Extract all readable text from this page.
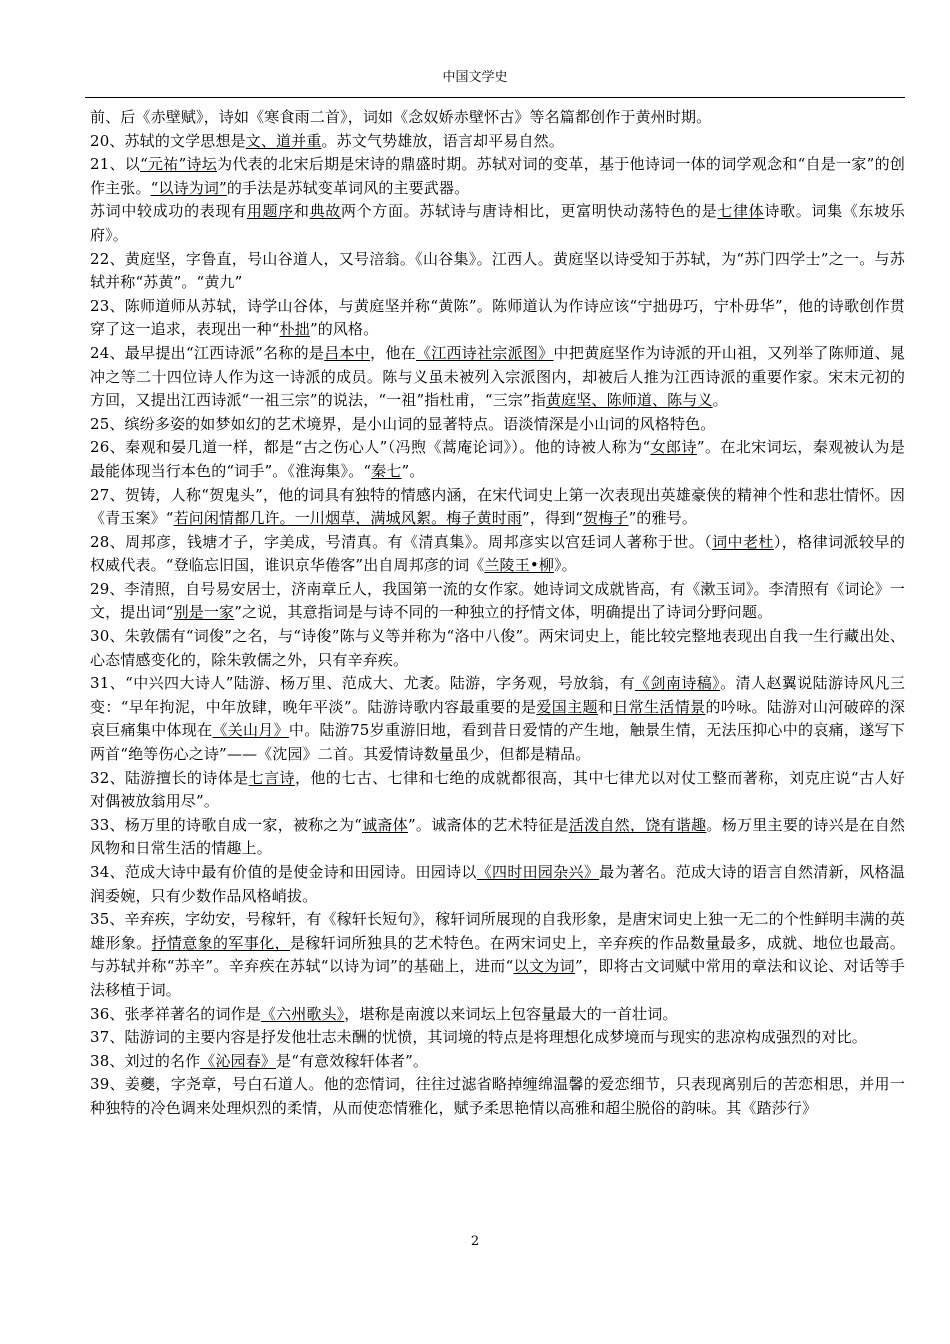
中国文学史

前、后《赤壁赋》，诗如《寒食雨二首》，词如《念奴娇赤壁怀古》等名篇都创作于黄州时期。

20、苏轼的文学思想是文、道并重。苏文气势雄放，语言却平易自然。

21、以“元祐”诗坛为代表的北宋后期是宋诗的鼎盛时期。苏轼对词的变革，基于他诗词一体的词学观念和“自是一家”的创作主张。“以诗为词”的手法是苏轼变革词风的主要武器。

苏词中较成功的表现有用题序和典故两个方面。苏轼诗与唐诗相比，更富明快动荡特色的是七律体诗歌。词集《东坡乐府》。

22、黄庭坚，字鲁直，号山谷道人，又号涪翁。《山谷集》。江西人。黄庭坚以诗受知于苏轼，为“苏门四学士”之一。与苏轼并称“苏黄”。“黄九”

23、陈师道师从苏轼，诗学山谷体，与黄庭坚并称“黄陈”。陈师道认为作诗应该“宁拙毋巧，宁朴毋华”，他的诗歌创作贯穿了这一追求，表现出一种“朴拙”的风格。

24、最早提出“江西诗派”名称的是吕本中，他在《江西诗社宗派图》中把黄庭坚作为诗派的开山祖，又列举了陈师道、晁冲之等二十四位诗人作为这一诗派的成员。陈与义虽未被列入宗派图内，却被后人推为江西诗派的重要作家。宋末元初的方回，又提出江西诗派“一祖三宗”的说法，“一祖”指杜甫，“三宗”指黄庭坚、陈师道、陈与义。

25、缤纷多姿的如梦如幻的艺术境界，是小山词的显著特点。语淡情深是小山词的风格特色。

26、秦观和晏几道一样，都是“古之伤心人”（冯煦《蒿庵论词》）。他的诗被人称为“女郎诗”。在北宋词坛，秦观被认为是最能体现当行本色的“词手”。《淮海集》。“秦七”。

27、贺铸，人称“贺鬼头”，他的词具有独特的情感内涵，在宋代词史上第一次表现出英雄豪侠的精神个性和悲壮情怀。因《青玉案》“若问闲情都几许。一川烟草，满城风絮。梅子黄时雨”，得到“贺梅子”的雅号。

28、周邦彦，钱塘才子，字美成，号清真。有《清真集》。周邦彦实以宫廷词人著称于世。（词中老杜），格律词派较早的权威代表。“登临忘旧国，谁识京华倦客”出自周邦彦的词《兰陵王•柳》。

29、李清照，自号易安居士，济南章丘人，我国第一流的女作家。她诗词文成就皆高，有《漱玉词》。李清照有《词论》一文，提出词“别是一家”之说，其意指词是与诗不同的一种独立的抒情文体，明确提出了诗词分野问题。

30、朱敦儒有“词俊”之名，与“诗俊”陈与义等并称为“洛中八俊”。两宋词史上，能比较完整地表现出自我一生行藏出处、心态情感变化的，除朱敦儒之外，只有辛弃疾。

31、“中兴四大诗人”陆游、杨万里、范成大、尤袤。陆游，字务观，号放翁，有《剑南诗稿》。清人赵翼说陆游诗风凡三变：“早年拘泥，中年放肆，晚年平淡”。陆游诗歌内容最重要的是爱国主题和日常生活情景的吟咏。陆游对山河破碎的深哀巨痛集中体现在《关山月》中。陆游75岁重游旧地，看到昔日爱情的产生地，触景生情，无法压抑心中的哀痛，遂写下两首“绝等伤心之诗”——《沈园》二首。其爱情诗数量虽少，但都是精品。

32、陆游擅长的诗体是七言诗，他的七古、七律和七绝的成就都很高，其中七律尤以对仗工整而著称，刘克庄说“古人好对偶被放翁用尽”。

33、杨万里的诗歌自成一家，被称之为“诚斋体”。诚斋体的艺术特征是活泼自然，饶有谐趣。杨万里主要的诗兴是在自然风物和日常生活的情趣上。

34、范成大诗中最有价值的是使金诗和田园诗。田园诗以《四时田园杂兴》最为著名。范成大诗的语言自然清新，风格温润委婉，只有少数作品风格峭拔。

35、辛弃疾，字幼安，号稼轩，有《稼轩长短句》，稼轩词所展现的自我形象，是唐宋词史上独一无二的个性鲜明丰满的英雄形象。抒情意象的军事化，是稼轩词所独具的艺术特色。在两宋词史上，辛弃疾的作品数量最多，成就、地位也最高。与苏轼并称“苏辛”。辛弃疾在苏轼“以诗为词”的基础上，进而“以文为词”，即将古文词赋中常用的章法和议论、对话等手法移植于词。

36、张孝祥著名的词作是《六州歌头》，堪称是南渡以来词坛上包容量最大的一首壮词。

37、陆游词的主要内容是抒发他壮志未酬的忧愤，其词境的特点是将理想化成梦境而与现实的悲凉构成强烈的对比。

38、刘过的名作《沁园春》是“有意效稼轩体者”。

39、姜夔，字尧章，号白石道人。他的恋情词，往往过滤省略掉缠绵温馨的爱恋细节，只表现离别后的苦恋相思，并用一种独特的冷色调来处理炽烈的柔情，从而使恋情雅化，赋予柔思艳情以高雅和超尘脱俗的韵味。其《踏莎行》

2
